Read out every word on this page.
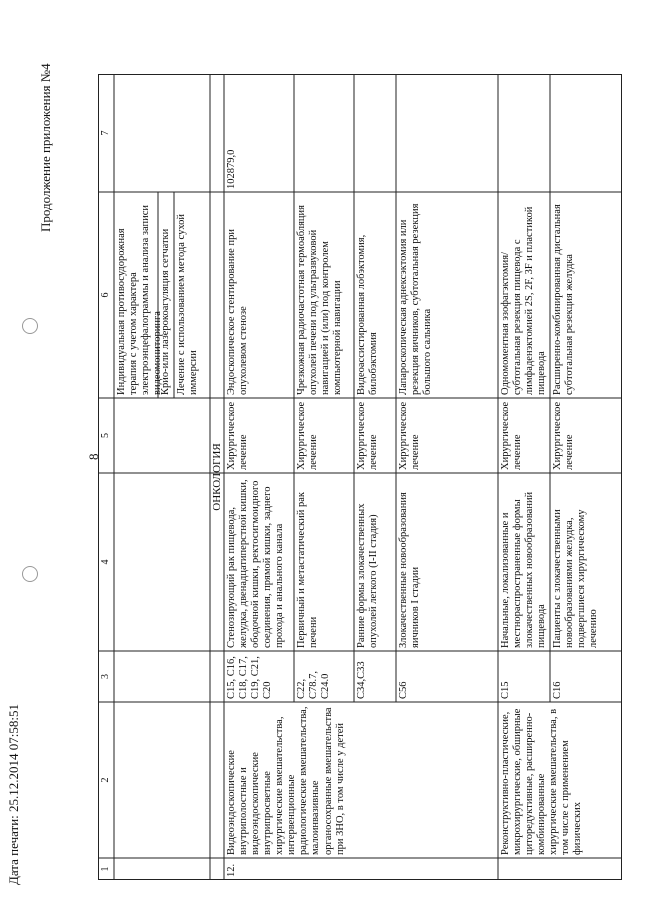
Продолжение приложения №4
8
Дата печати: 25.12.2014 07:58:51	1
2
3
4
5
6
7
Индивидуальная противосудорожная терапия с учетом характера электроэнцефалограммы и анализа записи видеомониторинга
Крио-или лазерокоагуляция сетчатки Лечение с использованием метода сухой иммерсии
ОНКОЛОГИЯ
12.
Видеоэндоскопические внутриполостные и видеоэндоскопические внутрипросветные хирургические вмешательства, интервенционные радиологические вмешательства, малоинвазивные органосохранные вмешательства при ЗНО, в том числе у детей
C15, C16, C18, C17, C19, C21, C20
Стенозирующий рак пищевода, желудка, двенадцатиперстной кишки, ободочной кишки, ректосигмоидного соединения, прямой кишки, заднего прохода и анального канала
Хирургическое лечение
Эндоскопическое стентирование при опухолевом стенозе
102879,0
C22, C78.7, C24.0
Первичный и метастатический рак печени
Хирургическое лечение
Чрезкожная радиочастотная термоабляция опухолей печени под ультразвуковой навигацией и (или) под контролем компьютерной навигации
C34,C33
Ранние формы злокачественных опухолей легкого (I-II стадия)
Хирургическое лечение
Видеоассистированная лобэктомия, билобэктомия
C56
Злокачественные новообразования яичников I стадии
Хирургическое лечение
Лапароскопическая аднексэктомия или резекция яичников, субтотальная резекция большого сальника
Реконструктивно-пластические, микрохирургические, обширные циторедуктивные, расширенно-комбинированные хирургические вмешательства, в том числе с применением физических
C15
Начальные, локализованные и местнораспространенные формы злокачественных новообразований пищевода
Хирургическое лечение
Одномоментная эзофагэктомия/ субтотальная резекция пищевода с лимфаденэктомией 2S, 2F, 3F и пластикой пищевода
C16
Пациенты с злокачественными новообразованиями желудка, подвергшиеся хирургическому лечению
Хирургическое лечение
Расширенно-комбинированная дистальная субтотальная резекция желудка
